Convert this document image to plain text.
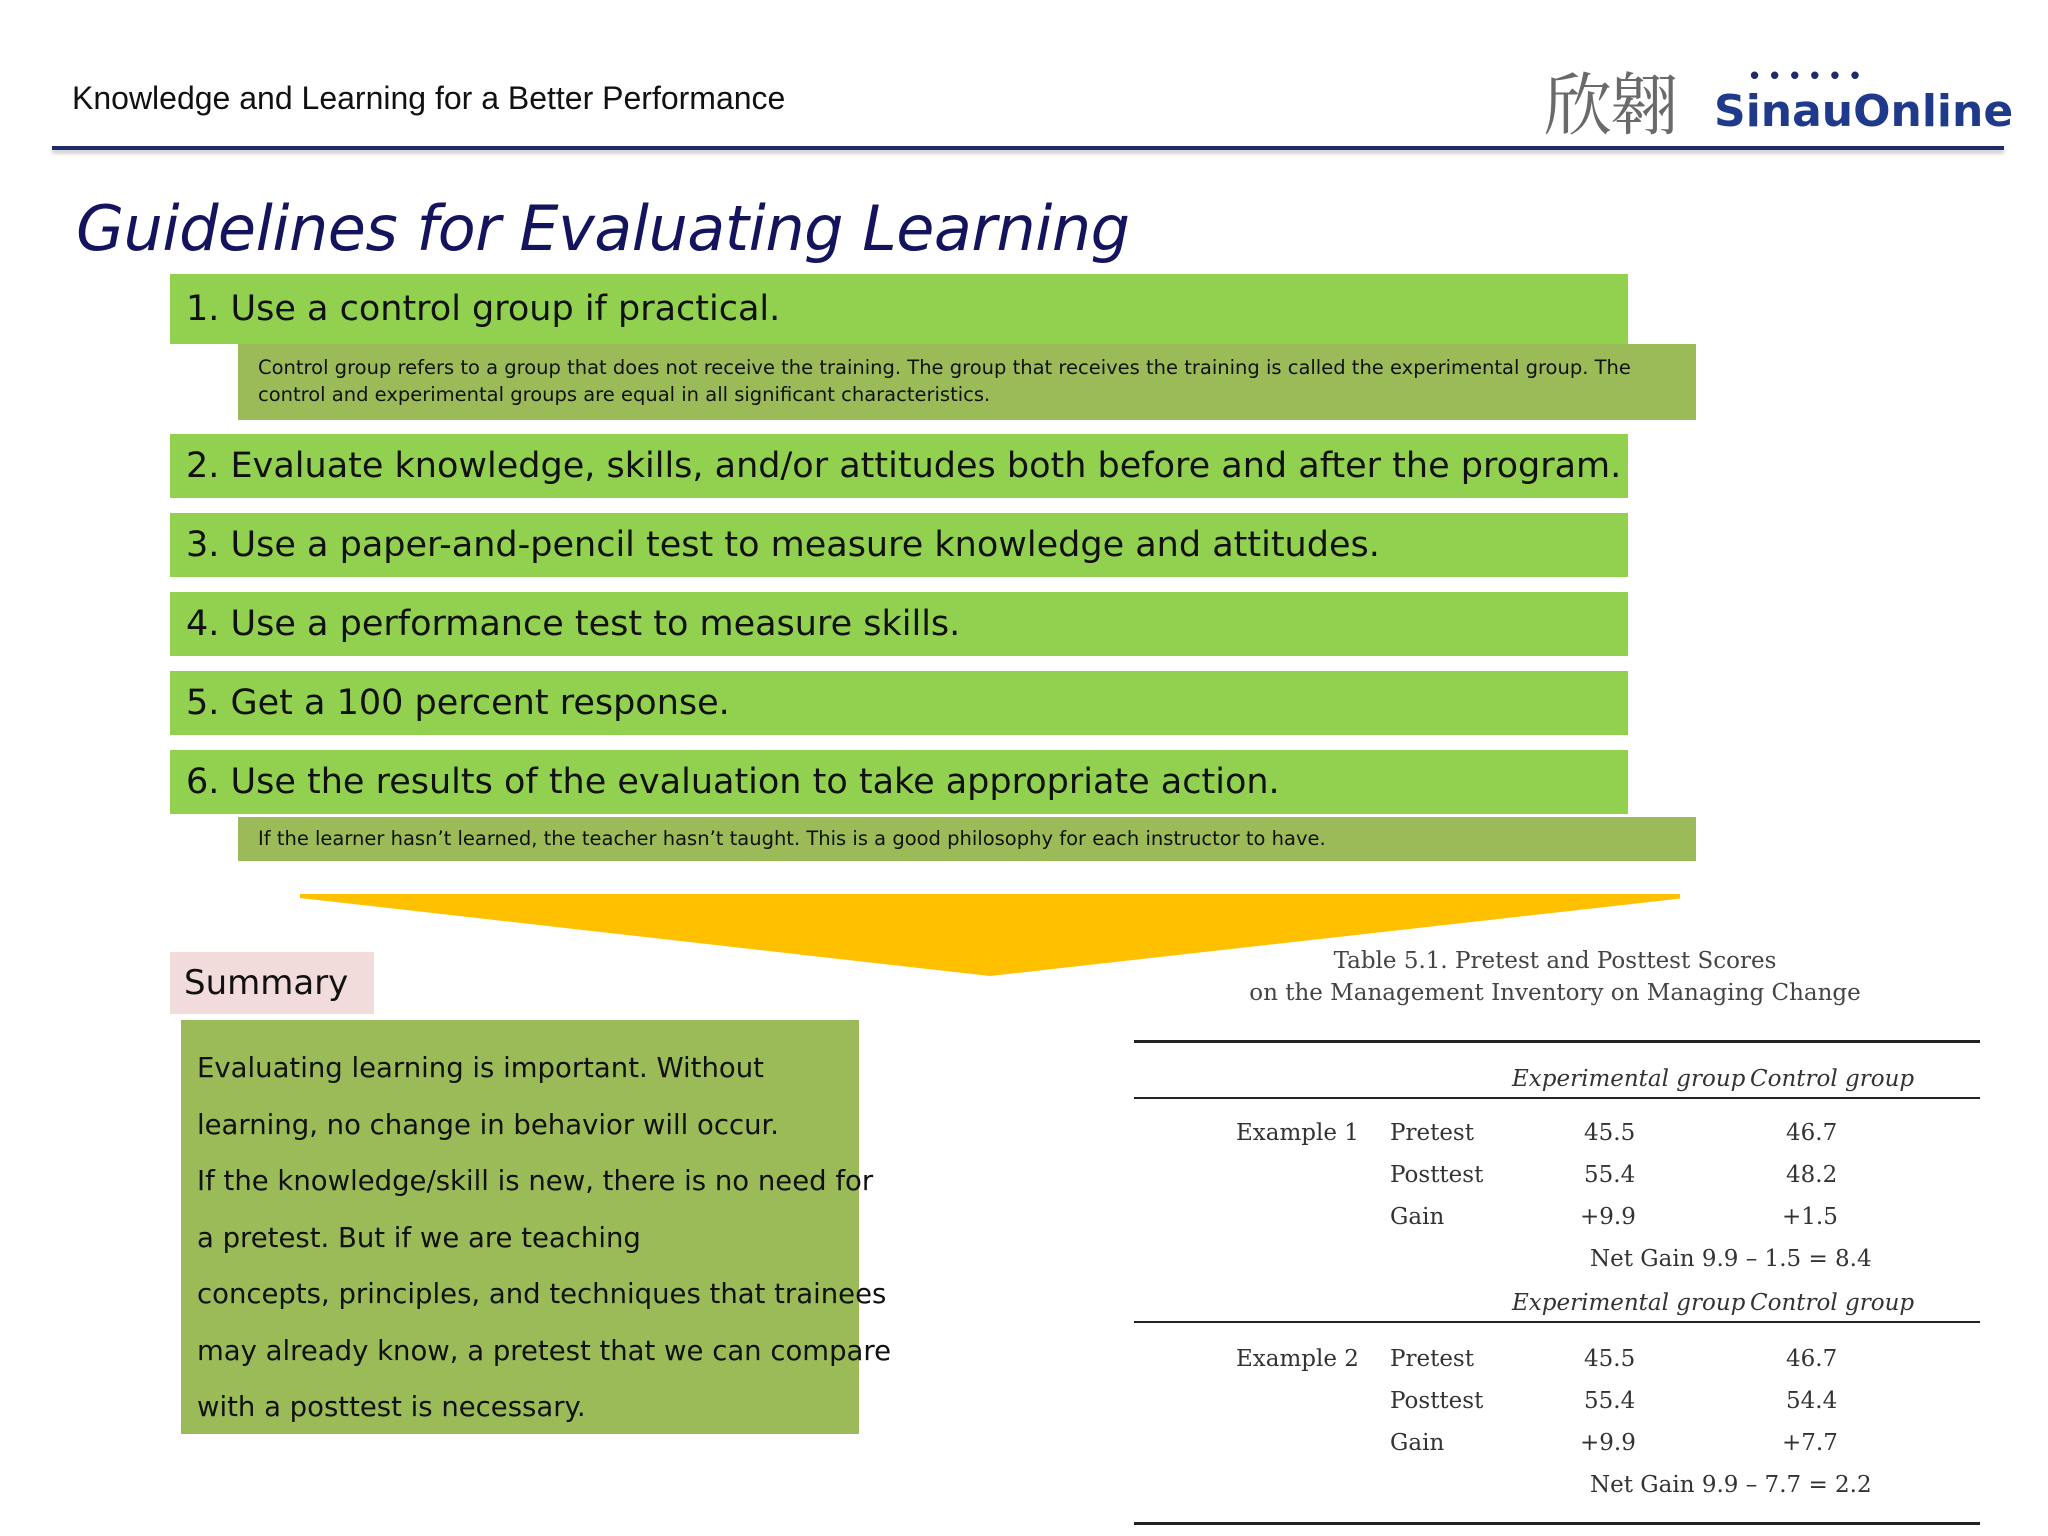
Knowledge and Learning for a Better Performance	欣翱	••••••
SinauOnline
Guidelines for Evaluating Learning
1. Use a control group if practical.
Control group refers to a group that does not receive the training. The group that receives the training is called the experimental group. The control and experimental groups are equal in all significant characteristics.
2. Evaluate knowledge, skills, and/or attitudes both before and after the program.
3. Use a paper-and-pencil test to measure knowledge and attitudes.
4. Use a performance test to measure skills.
5. Get a 100 percent response.
6. Use the results of the evaluation to take appropriate action.
If the learner hasn’t learned, the teacher hasn’t taught. This is a good philosophy for each instructor to have.
Summary
Evaluating learning is important. Without
learning, no change in behavior will occur.
If the knowledge/skill is new, there is no need for
a pretest. But if we are teaching
concepts, principles, and techniques that trainees
may already know, a pretest that we can compare
with a posttest is necessary.
Table 5.1. Pretest and Posttest Scores
on the Management Inventory on Managing Change
Experimental group Control group
Example 1 Pretest	45.5	46.7
Posttest	55.4	48.2
Gain	+9.9	+1.5
Net Gain 9.9 – 1.5 = 8.4
Experimental group Control group
Example 2 Pretest	45.5	46.7
Posttest	55.4	54.4
Gain	+9.9	+7.7
Net Gain 9.9 – 7.7 = 2.2
